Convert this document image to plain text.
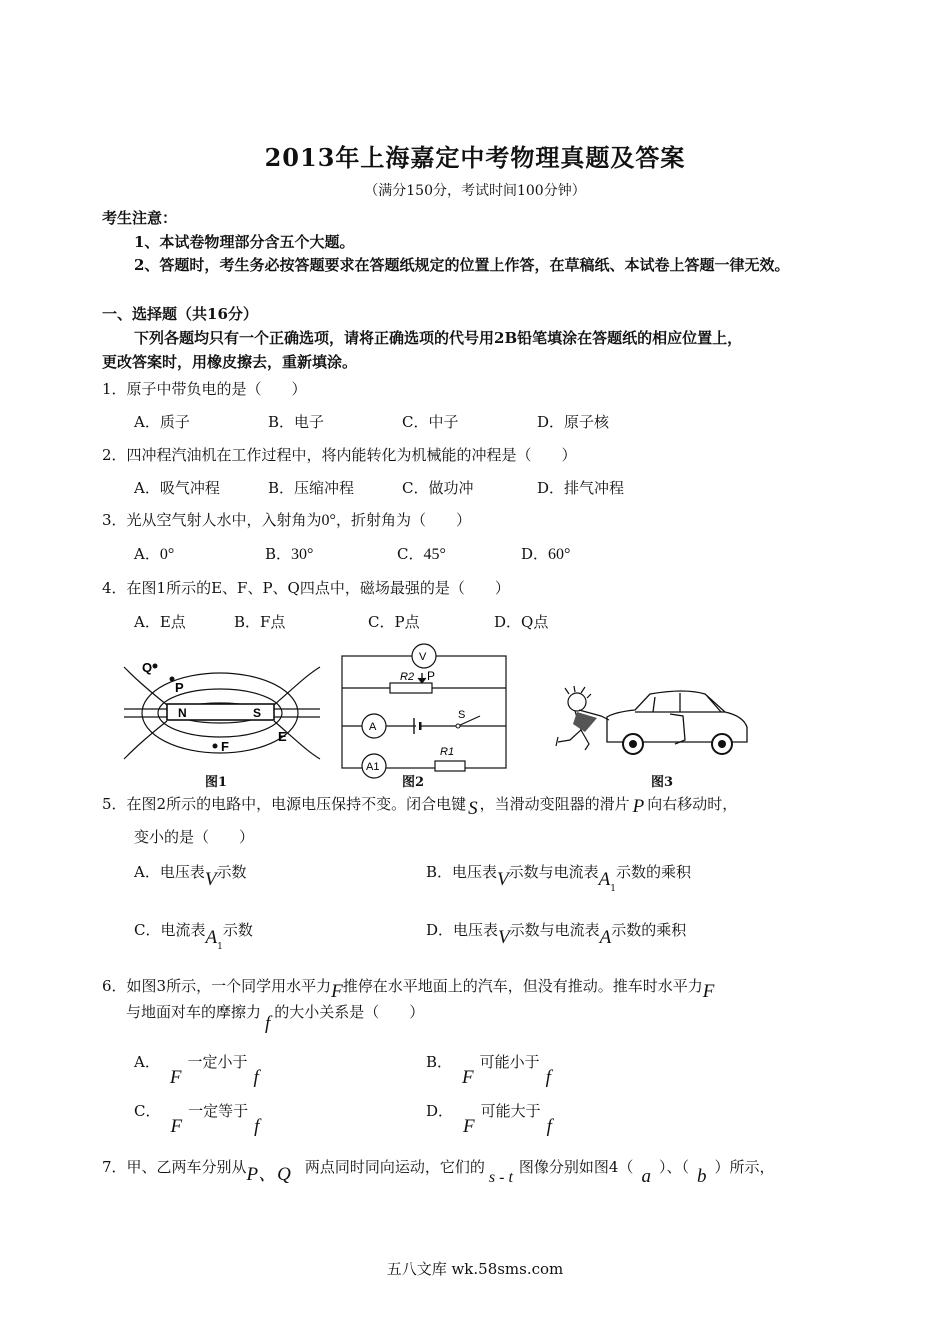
2013年上海嘉定中考物理真题及答案
（满分150分，考试时间100分钟）
考生注意：
1、本试卷物理部分含五个大题。
2、答题时，考生务必按答题要求在答题纸规定的位置上作答，在草稿纸、本试卷上答题一律无效。
一、选择题（共16分）
下列各题均只有一个正确选项，请将正确选项的代号用2B铅笔填涂在答题纸的相应位置上，
更改答案时，用橡皮擦去，重新填涂。
1．原子中带负电的是（　　）
A．质子	B．电子	C．中子	D．原子核
2．四冲程汽油机在工作过程中，将内能转化为机械能的冲程是（　　）
A．吸气冲程	B．压缩冲程	C．做功冲	D．排气冲程
3．光从空气射人水中，入射角为0°，折射角为（　　）
A．0°	B．30°	C．45°	D．60°
4．在图1所示的E、F、P、Q四点中，磁场最强的是（　　）
A．E点	B．F点	C．P点	D．Q点
Q
P
N	S
E
F
图1
V
R2 P
A
S
A1
R1
图2	图3
5．在图2所示的电路中，电源电压保持不变。闭合电键 S ，当滑动变阻器的滑片 P 向右移动时，
变小的是（　　）
A．电压表V示数	B．电压表V示数与电流表$A_1$示数的乘积
C．电流表$A_1$示数	D．电压表V示数与电流表A示数的乘积
6．如图3所示，一个同学用水平力F推停在水平地面上的汽车，但没有推动。推车时水平力F
与地面对车的摩擦力f的大小关系是（　　）
A．F一定小于f
B．F可能小于f
C．F一定等于f
D．F可能大于f
7．甲、乙两车分别从P、Q 两点同时同向运动，它们的s - t图像分别如图4（ a ）、（ b ）所示，
五八文库 wk.58sms.com
